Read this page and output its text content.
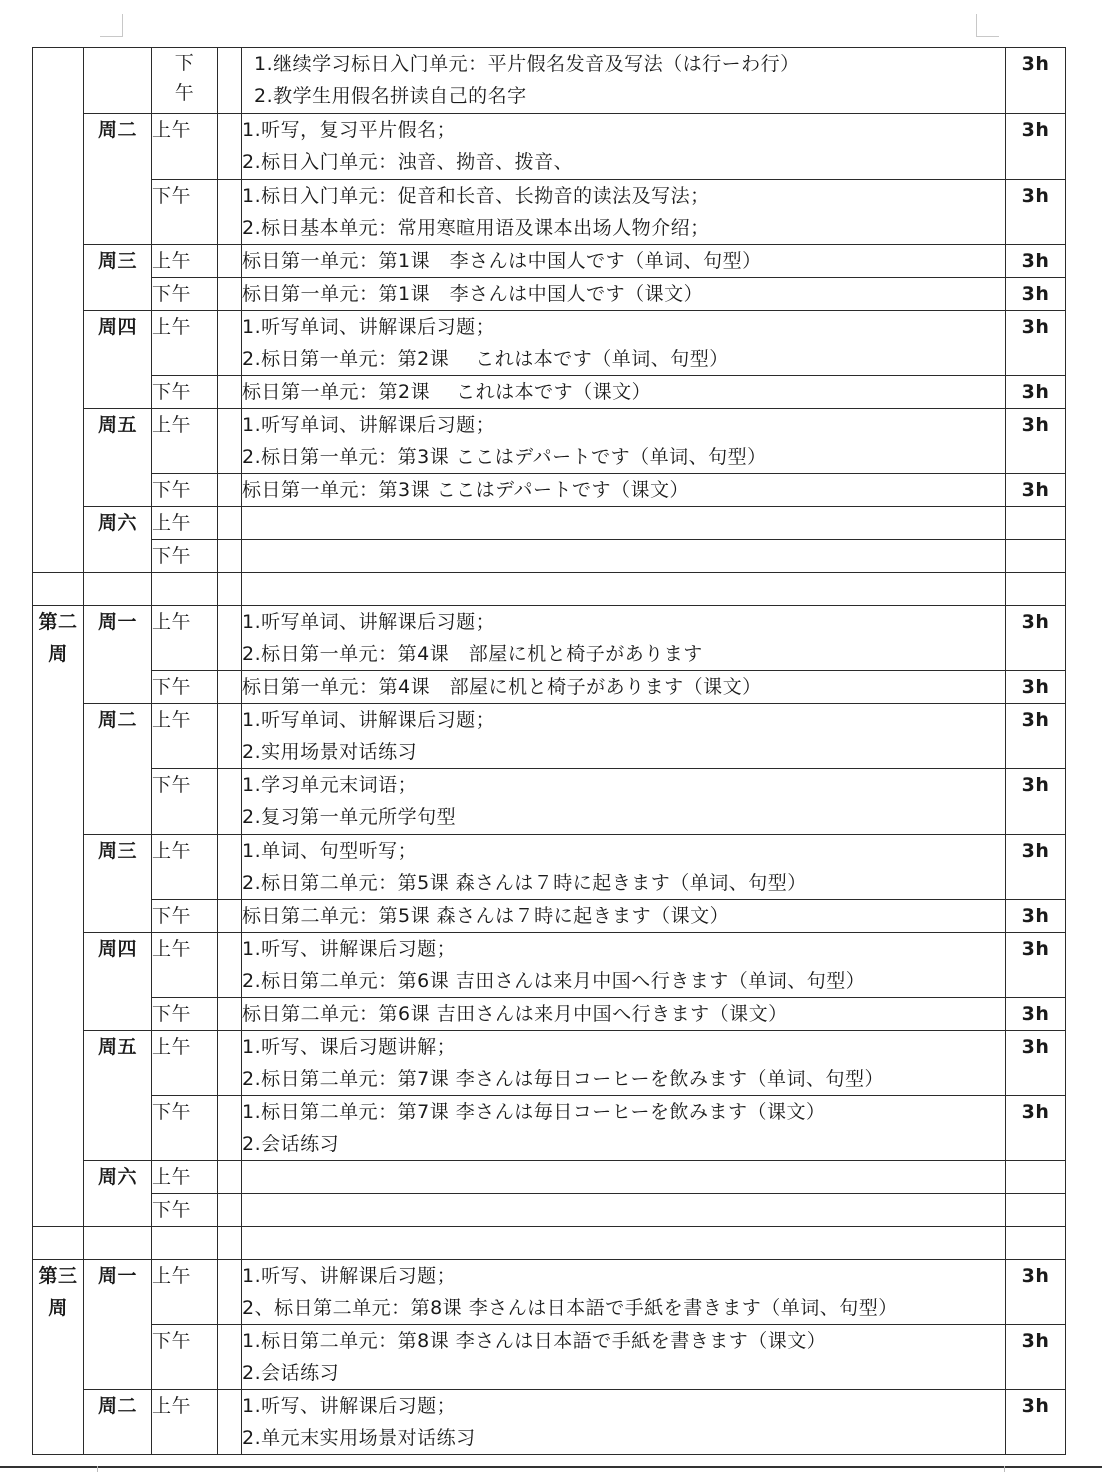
		下午		1.继续学习标日入门单元：平片假名发音及写法（は行ーわ行）
2.教学生用假名拼读自己的名字	3h
	周二	上午		1.听写，复习平片假名；
2.标日入门单元：浊音、拗音、拨音、	3h
		下午		1.标日入门单元：促音和长音、长拗音的读法及写法；
2.标日基本单元：常用寒暄用语及课本出场人物介绍；	3h
	周三	上午		标日第一单元：第1课　李さんは中国人です（单词、句型）	3h
		下午		标日第一单元：第1课　李さんは中国人です（课文）	3h
	周四	上午		1.听写单词、讲解课后习题；
2.标日第一单元：第2课　 これは本です（单词、句型）	3h
		下午		标日第一单元：第2课　 これは本です（课文）	3h
	周五	上午		1.听写单词、讲解课后习题；
2.标日第一单元：第3课 ここはデパートです（单词、句型）	3h
		下午		标日第一单元：第3课 ここはデパートです（课文）	3h
	周六	上午			
		下午			

第二周	周一	上午		1.听写单词、讲解课后习题；
2.标日第一单元：第4课　部屋に机と椅子があります	3h
		下午		标日第一单元：第4课　部屋に机と椅子があります（课文）	3h
	周二	上午		1.听写单词、讲解课后习题；
2.实用场景对话练习	3h
		下午		1.学习单元末词语；
2.复习第一单元所学句型	3h
	周三	上午		1.单词、句型听写；
2.标日第二单元：第5课 森さんは７時に起きます（单词、句型）	3h
		下午		标日第二单元：第5课 森さんは７時に起きます（课文）	3h
	周四	上午		1.听写、讲解课后习题；
2.标日第二单元：第6课 吉田さんは来月中国へ行きます（单词、句型）	3h
		下午		标日第二单元：第6课 吉田さんは来月中国へ行きます（课文）	3h
	周五	上午		1.听写、课后习题讲解；
2.标日第二单元：第7课 李さんは毎日コーヒーを飲みます（单词、句型）	3h
		下午		1.标日第二单元：第7课 李さんは毎日コーヒーを飲みます（课文）
2.会话练习	3h
	周六	上午			
		下午			

第三周	周一	上午		1.听写、讲解课后习题；
2、标日第二单元：第8课 李さんは日本語で手紙を書きます（单词、句型）	3h
		下午		1.标日第二单元：第8课 李さんは日本語で手紙を書きます（课文）
2.会话练习	3h
	周二	上午		1.听写、讲解课后习题；
2.单元末实用场景对话练习	3h
